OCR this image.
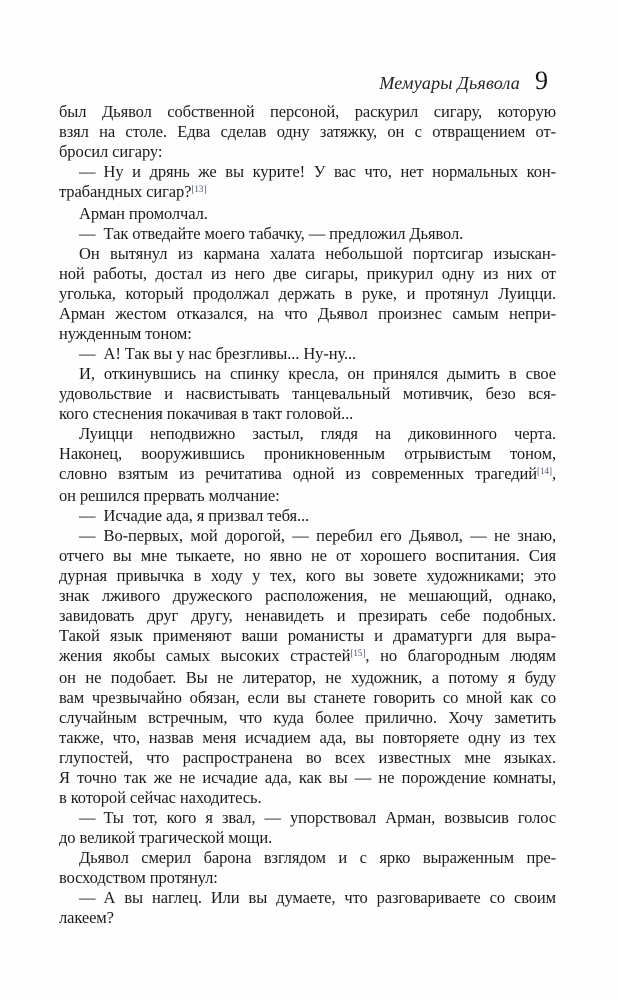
Мемуары Дьявола 9
был Дьявол собственной персоной, раскурил сигару, которую
взял на столе. Едва сделав одну затяжку, он с отвращением от-
бросил сигару:
— Ну и дрянь же вы курите! У вас что, нет нормальных кон-
трабандных сигар?[13]
Арман промолчал.
— Так отведайте моего табачку, — предложил Дьявол.
Он вытянул из кармана халата небольшой портсигар изыскан-
ной работы, достал из него две сигары, прикурил одну из них от
уголька, который продолжал держать в руке, и протянул Луицци.
Арман жестом отказался, на что Дьявол произнес самым непри-
нужденным тоном:
— А! Так вы у нас брезгливы... Ну-ну...
И, откинувшись на спинку кресла, он принялся дымить в свое
удовольствие и насвистывать танцевальный мотивчик, безо вся-
кого стеснения покачивая в такт головой...
Луицци неподвижно застыл, глядя на диковинного черта.
Наконец, вооружившись проникновенным отрывистым тоном,
словно взятым из речитатива одной из современных трагедий[14],
он решился прервать молчание:
— Исчадие ада, я призвал тебя...
— Во-первых, мой дорогой, — перебил его Дьявол, — не знаю,
отчего вы мне тыкаете, но явно не от хорошего воспитания. Сия
дурная привычка в ходу у тех, кого вы зовете художниками; это
знак лживого дружеского расположения, не мешающий, однако,
завидовать друг другу, ненавидеть и презирать себе подобных.
Такой язык применяют ваши романисты и драматурги для выра-
жения якобы самых высоких страстей[15], но благородным людям
он не подобает. Вы не литератор, не художник, а потому я буду
вам чрезвычайно обязан, если вы станете говорить со мной как со
случайным встречным, что куда более прилично. Хочу заметить
также, что, назвав меня исчадием ада, вы повторяете одну из тех
глупостей, что распространена во всех известных мне языках.
Я точно так же не исчадие ада, как вы — не порождение комнаты,
в которой сейчас находитесь.
— Ты тот, кого я звал, — упорствовал Арман, возвысив голос
до великой трагической мощи.
Дьявол смерил барона взглядом и с ярко выраженным пре-
восходством протянул:
— А вы наглец. Или вы думаете, что разговариваете со своим
лакеем?
